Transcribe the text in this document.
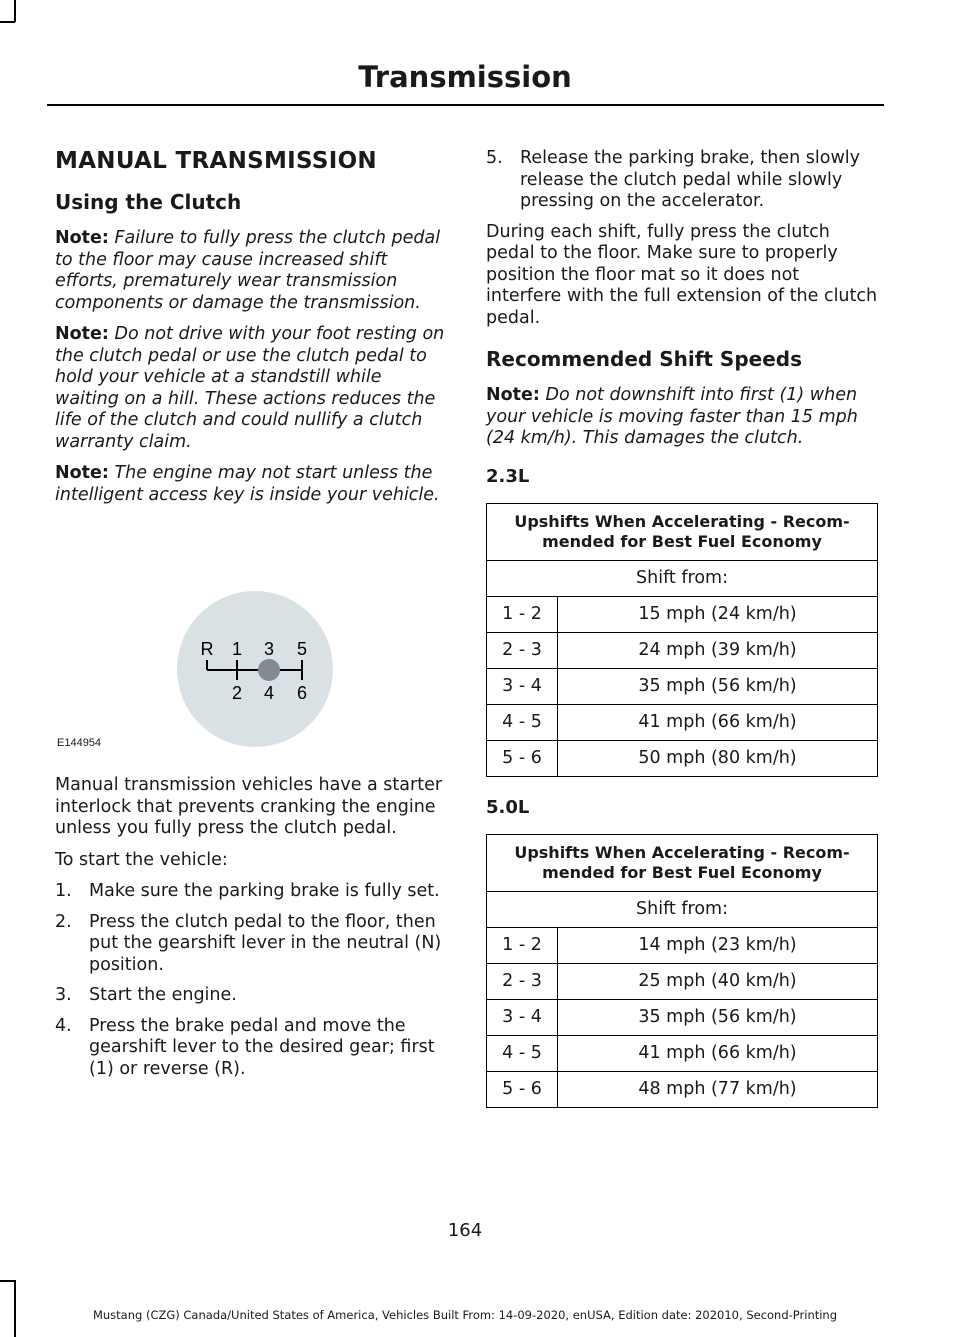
Transmission
MANUAL TRANSMISSION
Using the Clutch

Note: Failure to fully press the clutch pedal to the floor may cause increased shift efforts, prematurely wear transmission components or damage the transmission.

Note: Do not drive with your foot resting on the clutch pedal or use the clutch pedal to hold your vehicle at a standstill while waiting on a hill. These actions reduces the life of the clutch and could nullify a clutch warranty claim.

Note: The engine may not start unless the intelligent access key is inside your vehicle.

R 1 3 5
2 4 6
E144954

Manual transmission vehicles have a starter interlock that prevents cranking the engine unless you fully press the clutch pedal.

To start the vehicle:

1. Make sure the parking brake is fully set.
2. Press the clutch pedal to the floor, then put the gearshift lever in the neutral (N) position.
3. Start the engine.
4. Press the brake pedal and move the gearshift lever to the desired gear; first (1) or reverse (R).
5. Release the parking brake, then slowly release the clutch pedal while slowly pressing on the accelerator.

During each shift, fully press the clutch pedal to the floor. Make sure to properly position the floor mat so it does not interfere with the full extension of the clutch pedal.

Recommended Shift Speeds

Note: Do not downshift into first (1) when your vehicle is moving faster than 15 mph (24 km/h). This damages the clutch.

2.3L
Upshifts When Accelerating - Recom-mended for Best Fuel Economy	
Shift from:	
1 - 2	15 mph (24 km/h)
2 - 3	24 mph (39 km/h)
3 - 4	35 mph (56 km/h)
4 - 5	41 mph (66 km/h)
5 - 6	50 mph (80 km/h)
5.0L
Upshifts When Accelerating - Recom-mended for Best Fuel Economy	
Shift from:	
1 - 2	14 mph (23 km/h)
2 - 3	25 mph (40 km/h)
3 - 4	35 mph (56 km/h)
4 - 5	41 mph (66 km/h)
5 - 6	48 mph (77 km/h)
164
Mustang (CZG) Canada/United States of America, Vehicles Built From: 14-09-2020, enUSA, Edition date: 202010, Second-Printing
